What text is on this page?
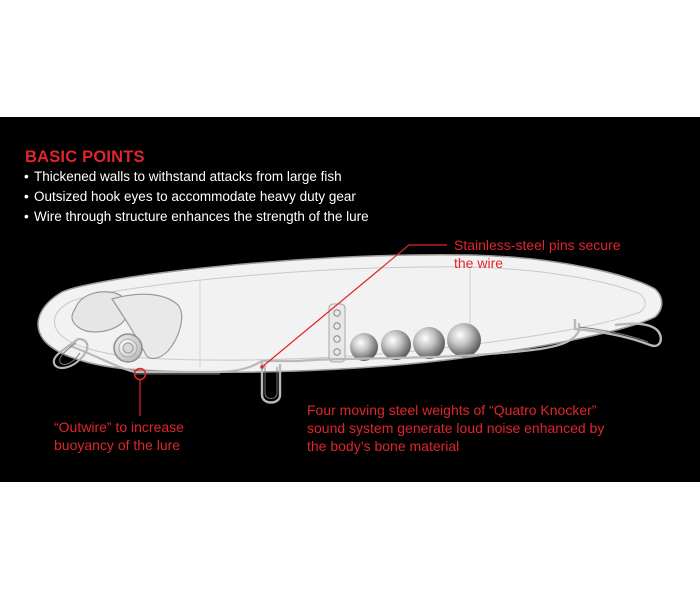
BASIC POINTS
• Thickened walls to withstand attacks from large fish
• Outsized hook eyes to accommodate heavy duty gear
• Wire through structure enhances the strength of the lure

Stainless-steel pins secure
the wire

“Outwire” to increase
buoyancy of the lure

Four moving steel weights of “Quatro Knocker”
sound system generate loud noise enhanced by
the body’s bone material
